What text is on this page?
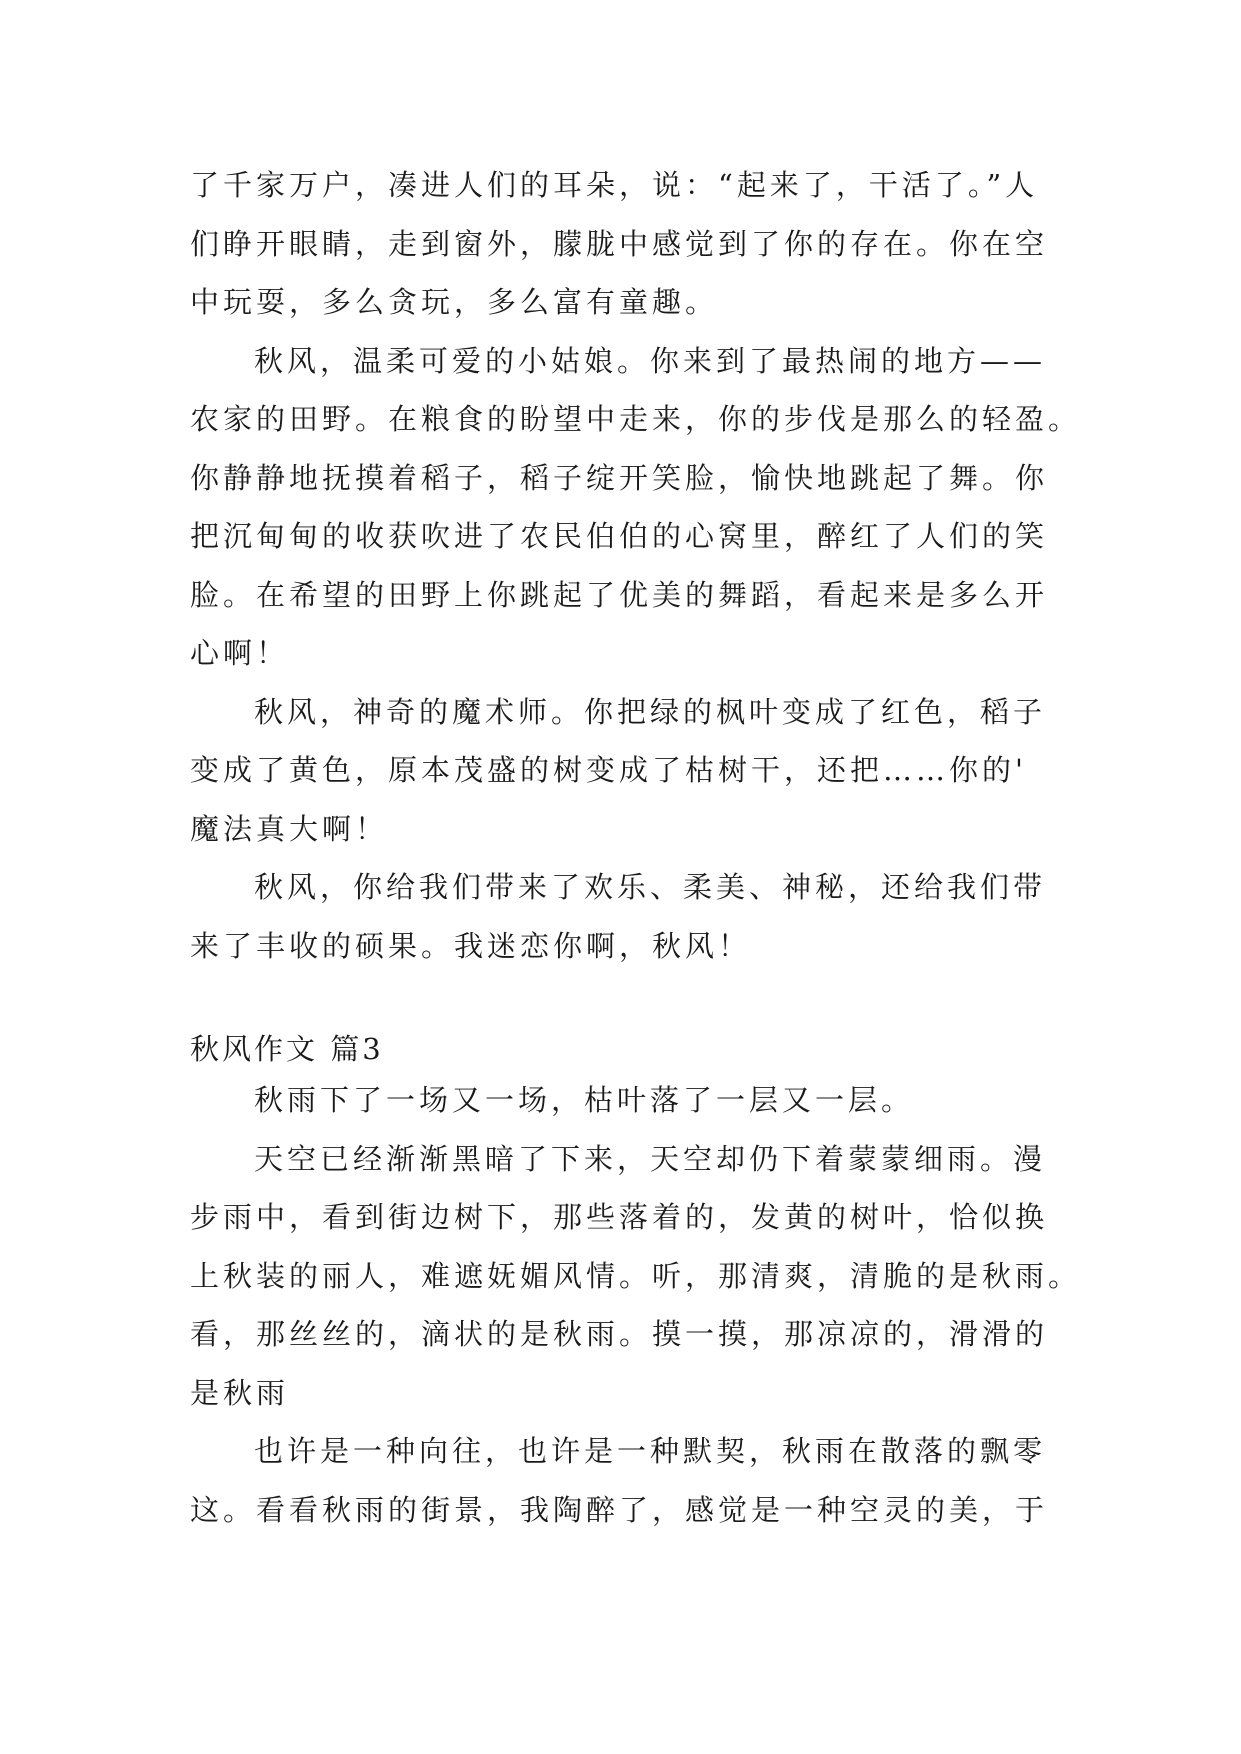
了千家万户，凑进人们的耳朵，说：“起来了，干活了。”人
们睁开眼睛，走到窗外，朦胧中感觉到了你的存在。你在空
中玩耍，多么贪玩，多么富有童趣。
秋风，温柔可爱的小姑娘。你来到了最热闹的地方——
农家的田野。在粮食的盼望中走来，你的步伐是那么的轻盈。
你静静地抚摸着稻子，稻子绽开笑脸，愉快地跳起了舞。你
把沉甸甸的收获吹进了农民伯伯的心窝里，醉红了人们的笑
脸。在希望的田野上你跳起了优美的舞蹈，看起来是多么开
心啊！
秋风，神奇的魔术师。你把绿的枫叶变成了红色，稻子
变成了黄色，原本茂盛的树变成了枯树干，还把……你的'
魔法真大啊！
秋风，你给我们带来了欢乐、柔美、神秘，还给我们带
来了丰收的硕果。我迷恋你啊，秋风！
秋风作文 篇3
秋雨下了一场又一场，枯叶落了一层又一层。
天空已经渐渐黑暗了下来，天空却仍下着蒙蒙细雨。漫
步雨中，看到街边树下，那些落着的，发黄的树叶，恰似换
上秋装的丽人，难遮妩媚风情。听，那清爽，清脆的是秋雨。
看，那丝丝的，滴状的是秋雨。摸一摸，那凉凉的，滑滑的
是秋雨
也许是一种向往，也许是一种默契，秋雨在散落的飘零
这。看看秋雨的街景，我陶醉了，感觉是一种空灵的美，于
